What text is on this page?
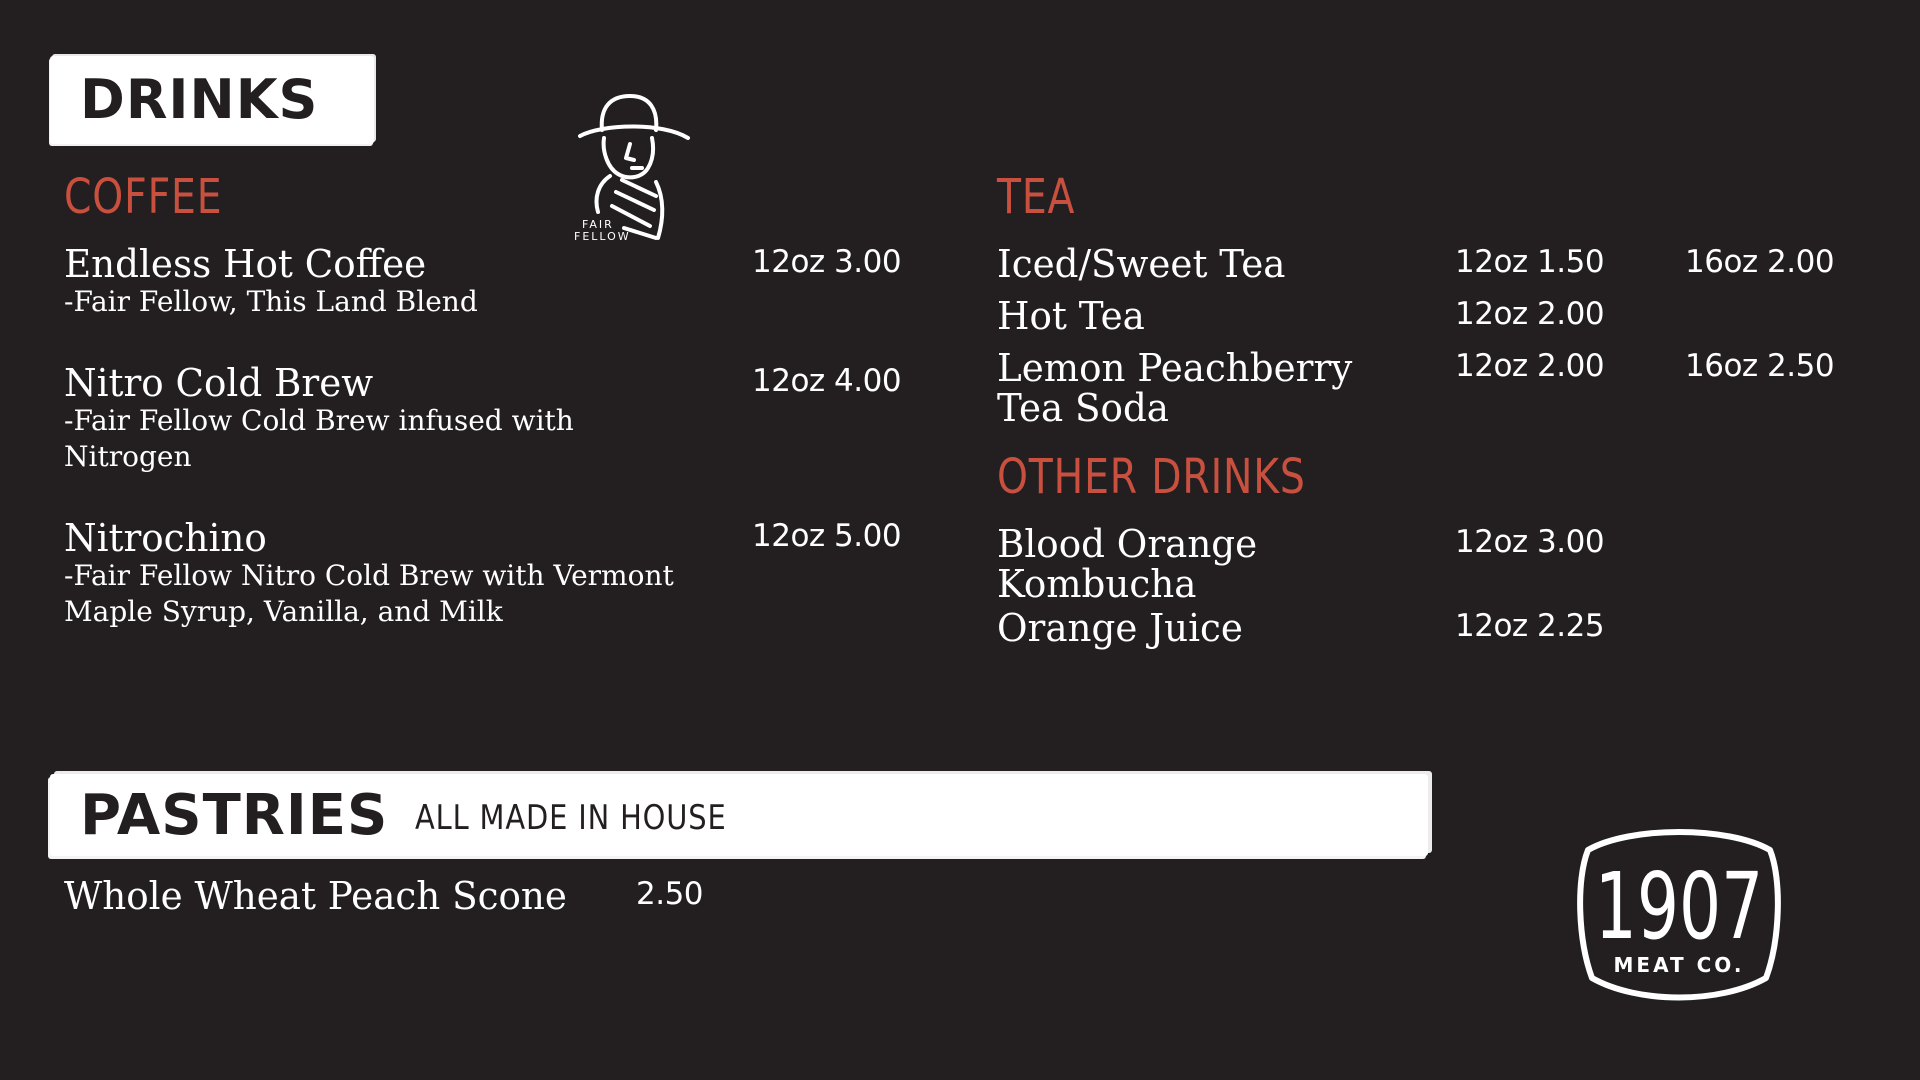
DRINKS
FAIR
FELLOW
COFFEE
Endless Hot Coffee
-Fair Fellow, This Land Blend
12oz 3.00
Nitro Cold Brew
-Fair Fellow Cold Brew infused with Nitrogen
12oz 4.00
Nitrochino
-Fair Fellow Nitro Cold Brew with Vermont Maple Syrup, Vanilla, and Milk
12oz 5.00
TEA
Iced/Sweet Tea	12oz 1.50	16oz 2.00
Hot Tea	12oz 2.00
Lemon Peachberry
Tea Soda
12oz 2.00	16oz 2.50
OTHER DRINKS
Blood Orange
Kombucha
12oz 3.00
Orange Juice	12oz 2.25
PASTRIES ALL MADE IN HOUSE
Whole Wheat Peach Scone 2.50	1907
MEAT CO.
